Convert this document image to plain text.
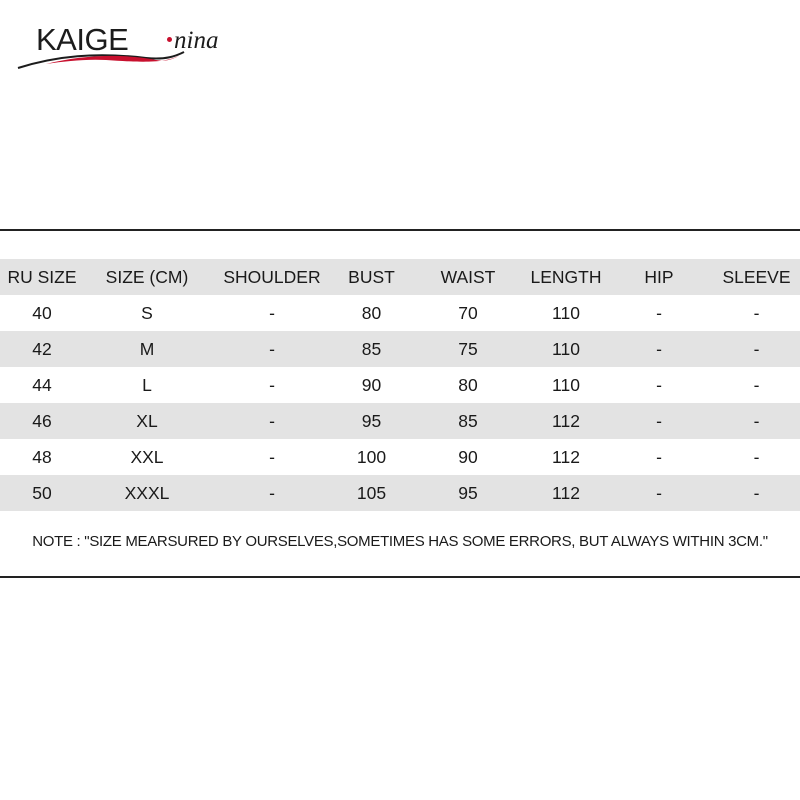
KAIGE nina
RU SIZE	SIZE (CM)	SHOULDER	BUST	WAIST	LENGTH	HIP	SLEEVE
40	S	-	80	70	110	-	-
42	M	-	85	75	110	-	-
44	L	-	90	80	110	-	-
46	XL	-	95	85	112	-	-
48	XXL	-	100	90	112	-	-
50	XXXL	-	105	95	112	-	-
NOTE : "SIZE MEARSURED BY OURSELVES,SOMETIMES HAS SOME ERRORS, BUT ALWAYS WITHIN 3CM."
